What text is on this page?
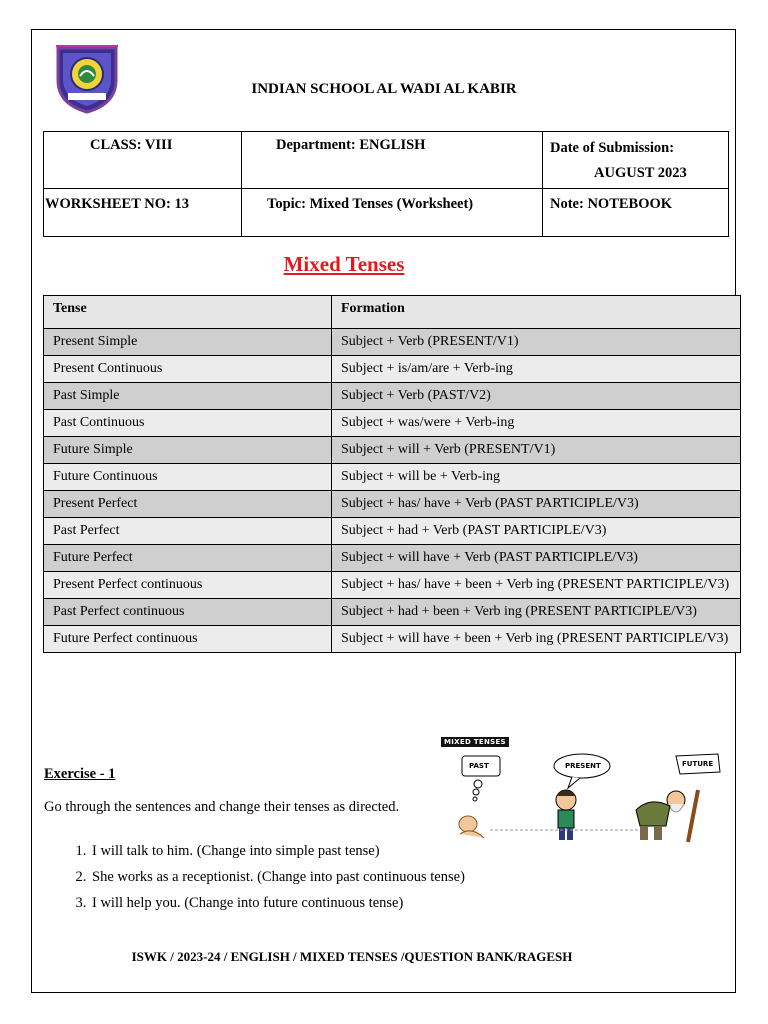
INDIAN SCHOOL AL WADI AL KABIR
CLASS: VIII	Department: ENGLISH	Date of Submission:
AUGUST 2023

WORKSHEET NO: 13	Topic: Mixed Tenses (Worksheet)	Note: NOTEBOOK
Mixed Tenses
Tense	Formation
Present Simple	Subject + Verb (PRESENT/V1)
Present Continuous	Subject + is/am/are + Verb-ing
Past Simple	Subject + Verb (PAST/V2)
Past Continuous	Subject + was/were + Verb-ing
Future Simple	Subject + will + Verb (PRESENT/V1)
Future Continuous	Subject + will be + Verb-ing
Present Perfect	Subject + has/ have + Verb (PAST PARTICIPLE/V3)
Past Perfect	Subject + had + Verb (PAST PARTICIPLE/V3)
Future Perfect	Subject + will have + Verb (PAST PARTICIPLE/V3)
Present Perfect continuous	Subject + has/ have + been + Verb ing (PRESENT PARTICIPLE/V3)
Past Perfect continuous	Subject + had + been + Verb ing (PRESENT PARTICIPLE/V3)
Future Perfect continuous	Subject + will have + been + Verb ing (PRESENT PARTICIPLE/V3)
PAST	PRESENT	FUTURE
Exercise - 1
Go through the sentences and change their tenses as directed.
1. I will talk to him. (Change into simple past tense)
2. She works as a receptionist. (Change into past continuous tense)
3. I will help you. (Change into future continuous tense)
MIXED TENSES
ISWK / 2023-24 / ENGLISH / MIXED TENSES /QUESTION BANK/RAGESH
